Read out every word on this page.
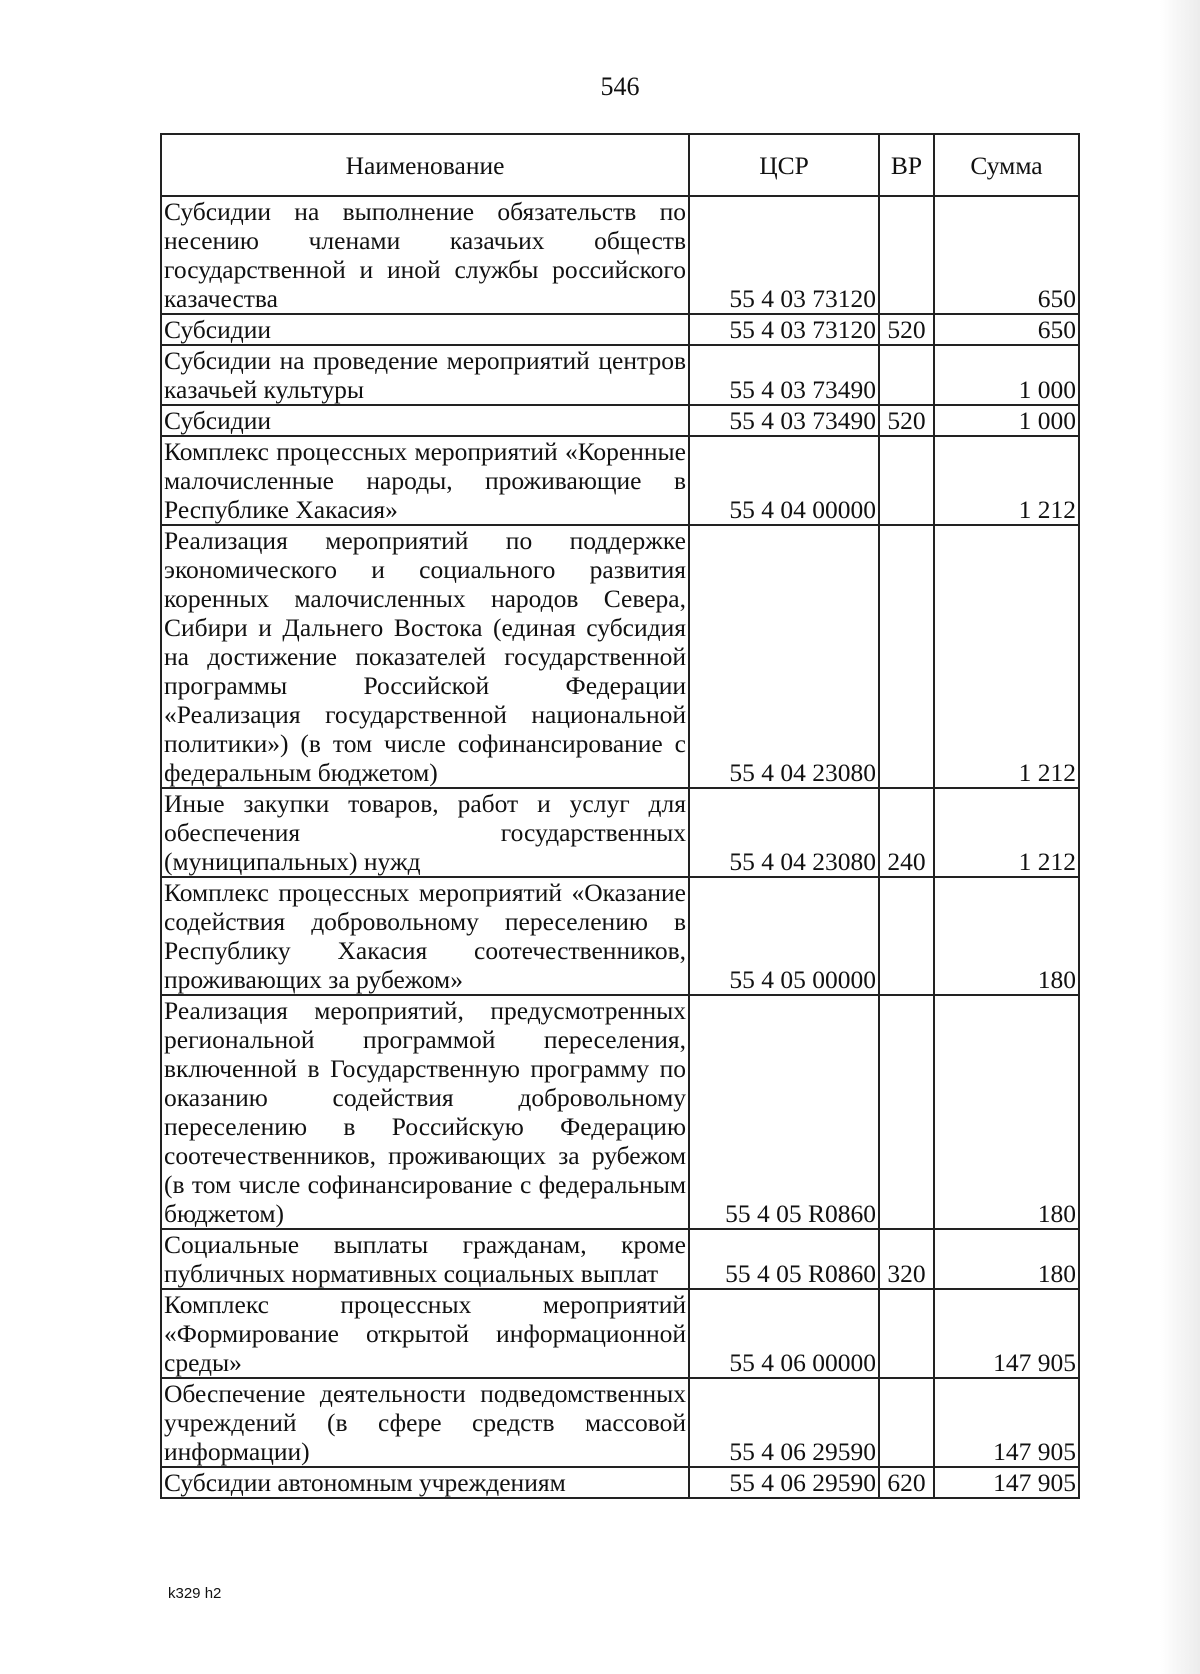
546
Наименование	ЦСР	ВР	Сумма
Субсидии на выполнение обязательств по несению членами казачьих обществ государственной и иной службы российского казачества	55 4 03 73120		650
Субсидии	55 4 03 73120	520	650
Субсидии на проведение мероприятий центров казачьей культуры	55 4 03 73490		1 000
Субсидии	55 4 03 73490	520	1 000
Комплекс процессных мероприятий «Коренные малочисленные народы, проживающие в Республике Хакасия»	55 4 04 00000		1 212
Реализация мероприятий по поддержке экономического и социального развития коренных малочисленных народов Севера, Сибири и Дальнего Востока (единая субсидия на достижение показателей государственной программы Российской Федерации «Реализация государственной национальной политики») (в том числе софинансирование с федеральным бюджетом)	55 4 04 23080		1 212
Иные закупки товаров, работ и услуг для обеспечения государственных (муниципальных) нужд	55 4 04 23080	240	1 212
Комплекс процессных мероприятий «Оказание содействия добровольному переселению в Республику Хакасия соотечественников, проживающих за рубежом»	55 4 05 00000		180
Реализация мероприятий, предусмотренных региональной программой переселения, включенной в Государственную программу по оказанию содействия добровольному переселению в Российскую Федерацию соотечественников, проживающих за рубежом (в том числе софинансирование с федеральным бюджетом)	55 4 05 R0860		180
Социальные выплаты гражданам, кроме публичных нормативных социальных выплат	55 4 05 R0860	320	180
Комплекс процессных мероприятий «Формирование открытой информационной среды»	55 4 06 00000		147 905
Обеспечение деятельности подведомственных учреждений (в сфере средств массовой информации)	55 4 06 29590		147 905
Субсидии автономным учреждениям	55 4 06 29590	620	147 905
k329 h2
